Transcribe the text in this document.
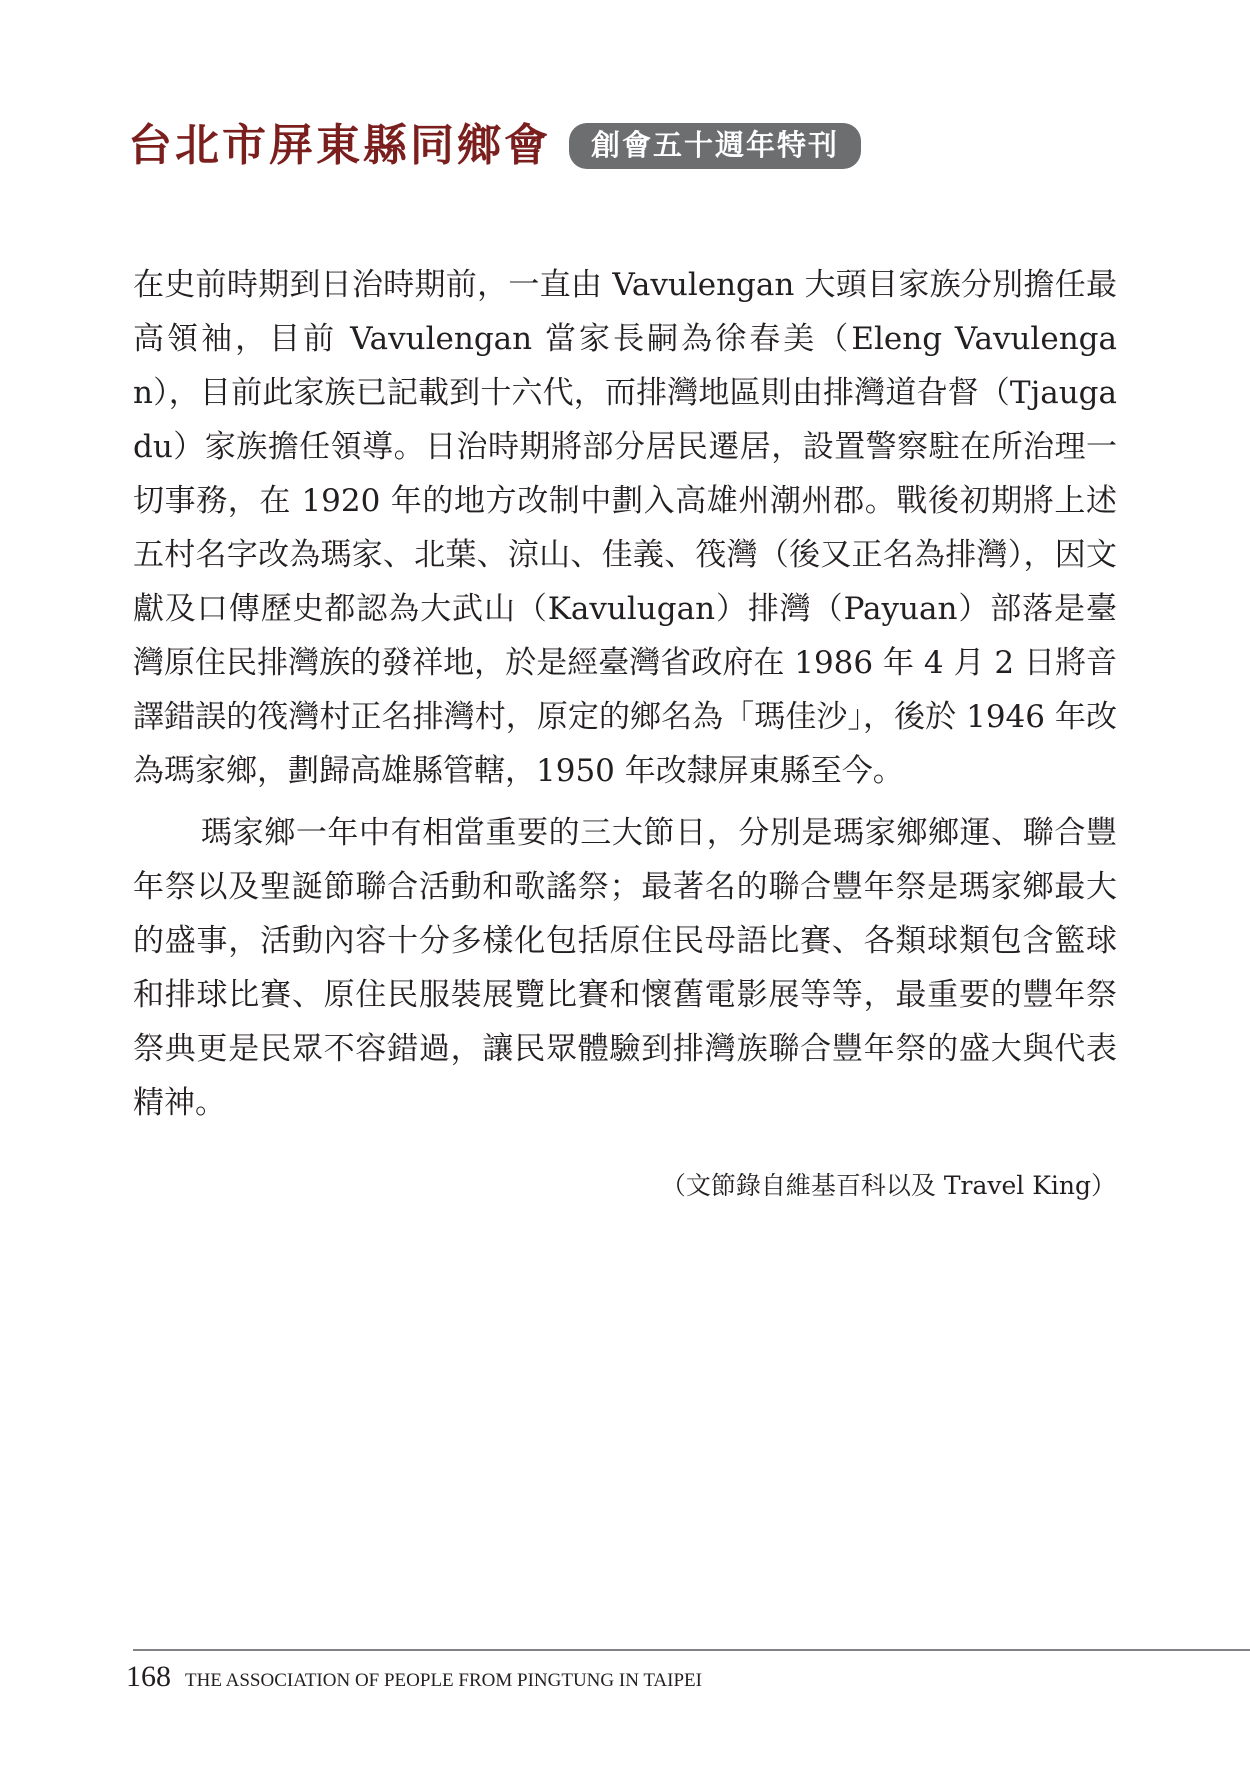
台北市屏東縣同鄉會	創會五十週年特刊

在史前時期到日治時期前，一直由 Vavulengan 大頭目家族分別擔任最高領袖，目前 Vavulengan 當家長嗣為徐春美（Eleng Vavulengan），目前此家族已記載到十六代，而排灣地區則由排灣道旮督（Tjaugadu）家族擔任領導。日治時期將部分居民遷居，設置警察駐在所治理一切事務，在 1920 年的地方改制中劃入高雄州潮州郡。戰後初期將上述五村名字改為瑪家、北葉、涼山、佳義、筏灣（後又正名為排灣），因文獻及口傳歷史都認為大武山（Kavulugan）排灣（Payuan）部落是臺灣原住民排灣族的發祥地，於是經臺灣省政府在 1986 年 4 月 2 日將音譯錯誤的筏灣村正名排灣村，原定的鄉名為「瑪佳沙」，後於 1946 年改為瑪家鄉，劃歸高雄縣管轄，1950 年改隸屏東縣至今。

瑪家鄉一年中有相當重要的三大節日，分別是瑪家鄉鄉運、聯合豐年祭以及聖誕節聯合活動和歌謠祭；最著名的聯合豐年祭是瑪家鄉最大的盛事，活動內容十分多樣化包括原住民母語比賽、各類球類包含籃球和排球比賽、原住民服裝展覽比賽和懷舊電影展等等，最重要的豐年祭祭典更是民眾不容錯過，讓民眾體驗到排灣族聯合豐年祭的盛大與代表精神。

（文節錄自維基百科以及 Travel King）
168 THE ASSOCIATION OF PEOPLE FROM PINGTUNG IN TAIPEI
